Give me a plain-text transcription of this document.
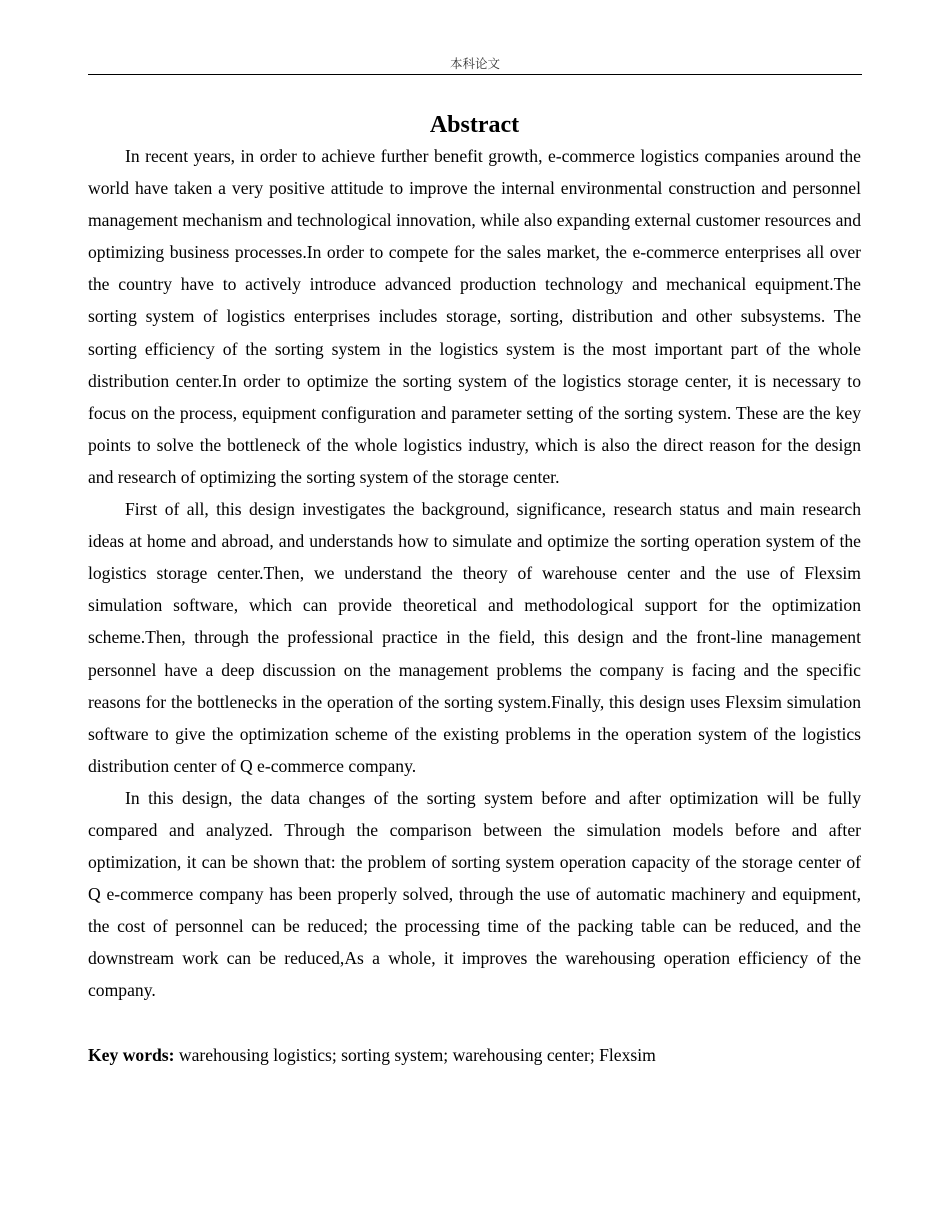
本科论文
Abstract

In recent years, in order to achieve further benefit growth, e-commerce logistics companies around the world have taken a very positive attitude to improve the internal environmental construction and personnel management mechanism and technological innovation, while also expanding external customer resources and optimizing business processes.In order to compete for the sales market, the e-commerce enterprises all over the country have to actively introduce advanced production technology and mechanical equipment.The sorting system of logistics enterprises includes storage, sorting, distribution and other subsystems. The sorting efficiency of the sorting system in the logistics system is the most important part of the whole distribution center.In order to optimize the sorting system of the logistics storage center, it is necessary to focus on the process, equipment configuration and parameter setting of the sorting system. These are the key points to solve the bottleneck of the whole logistics industry, which is also the direct reason for the design and research of optimizing the sorting system of the storage center.

First of all, this design investigates the background, significance, research status and main research ideas at home and abroad, and understands how to simulate and optimize the sorting operation system of the logistics storage center.Then, we understand the theory of warehouse center and the use of Flexsim simulation software, which can provide theoretical and methodological support for the optimization scheme.Then, through the professional practice in the field, this design and the front-line management personnel have a deep discussion on the management problems the company is facing and the specific reasons for the bottlenecks in the operation of the sorting system.Finally, this design uses Flexsim simulation software to give the optimization scheme of the existing problems in the operation system of the logistics distribution center of Q e-commerce company.

In this design, the data changes of the sorting system before and after optimization will be fully compared and analyzed. Through the comparison between the simulation models before and after optimization, it can be shown that: the problem of sorting system operation capacity of the storage center of Q e-commerce company has been properly solved, through the use of automatic machinery and equipment, the cost of personnel can be reduced; the processing time of the packing table can be reduced, and the downstream work can be reduced,As a whole, it improves the warehousing operation efficiency of the company.

Key words: warehousing logistics; sorting system; warehousing center; Flexsim
